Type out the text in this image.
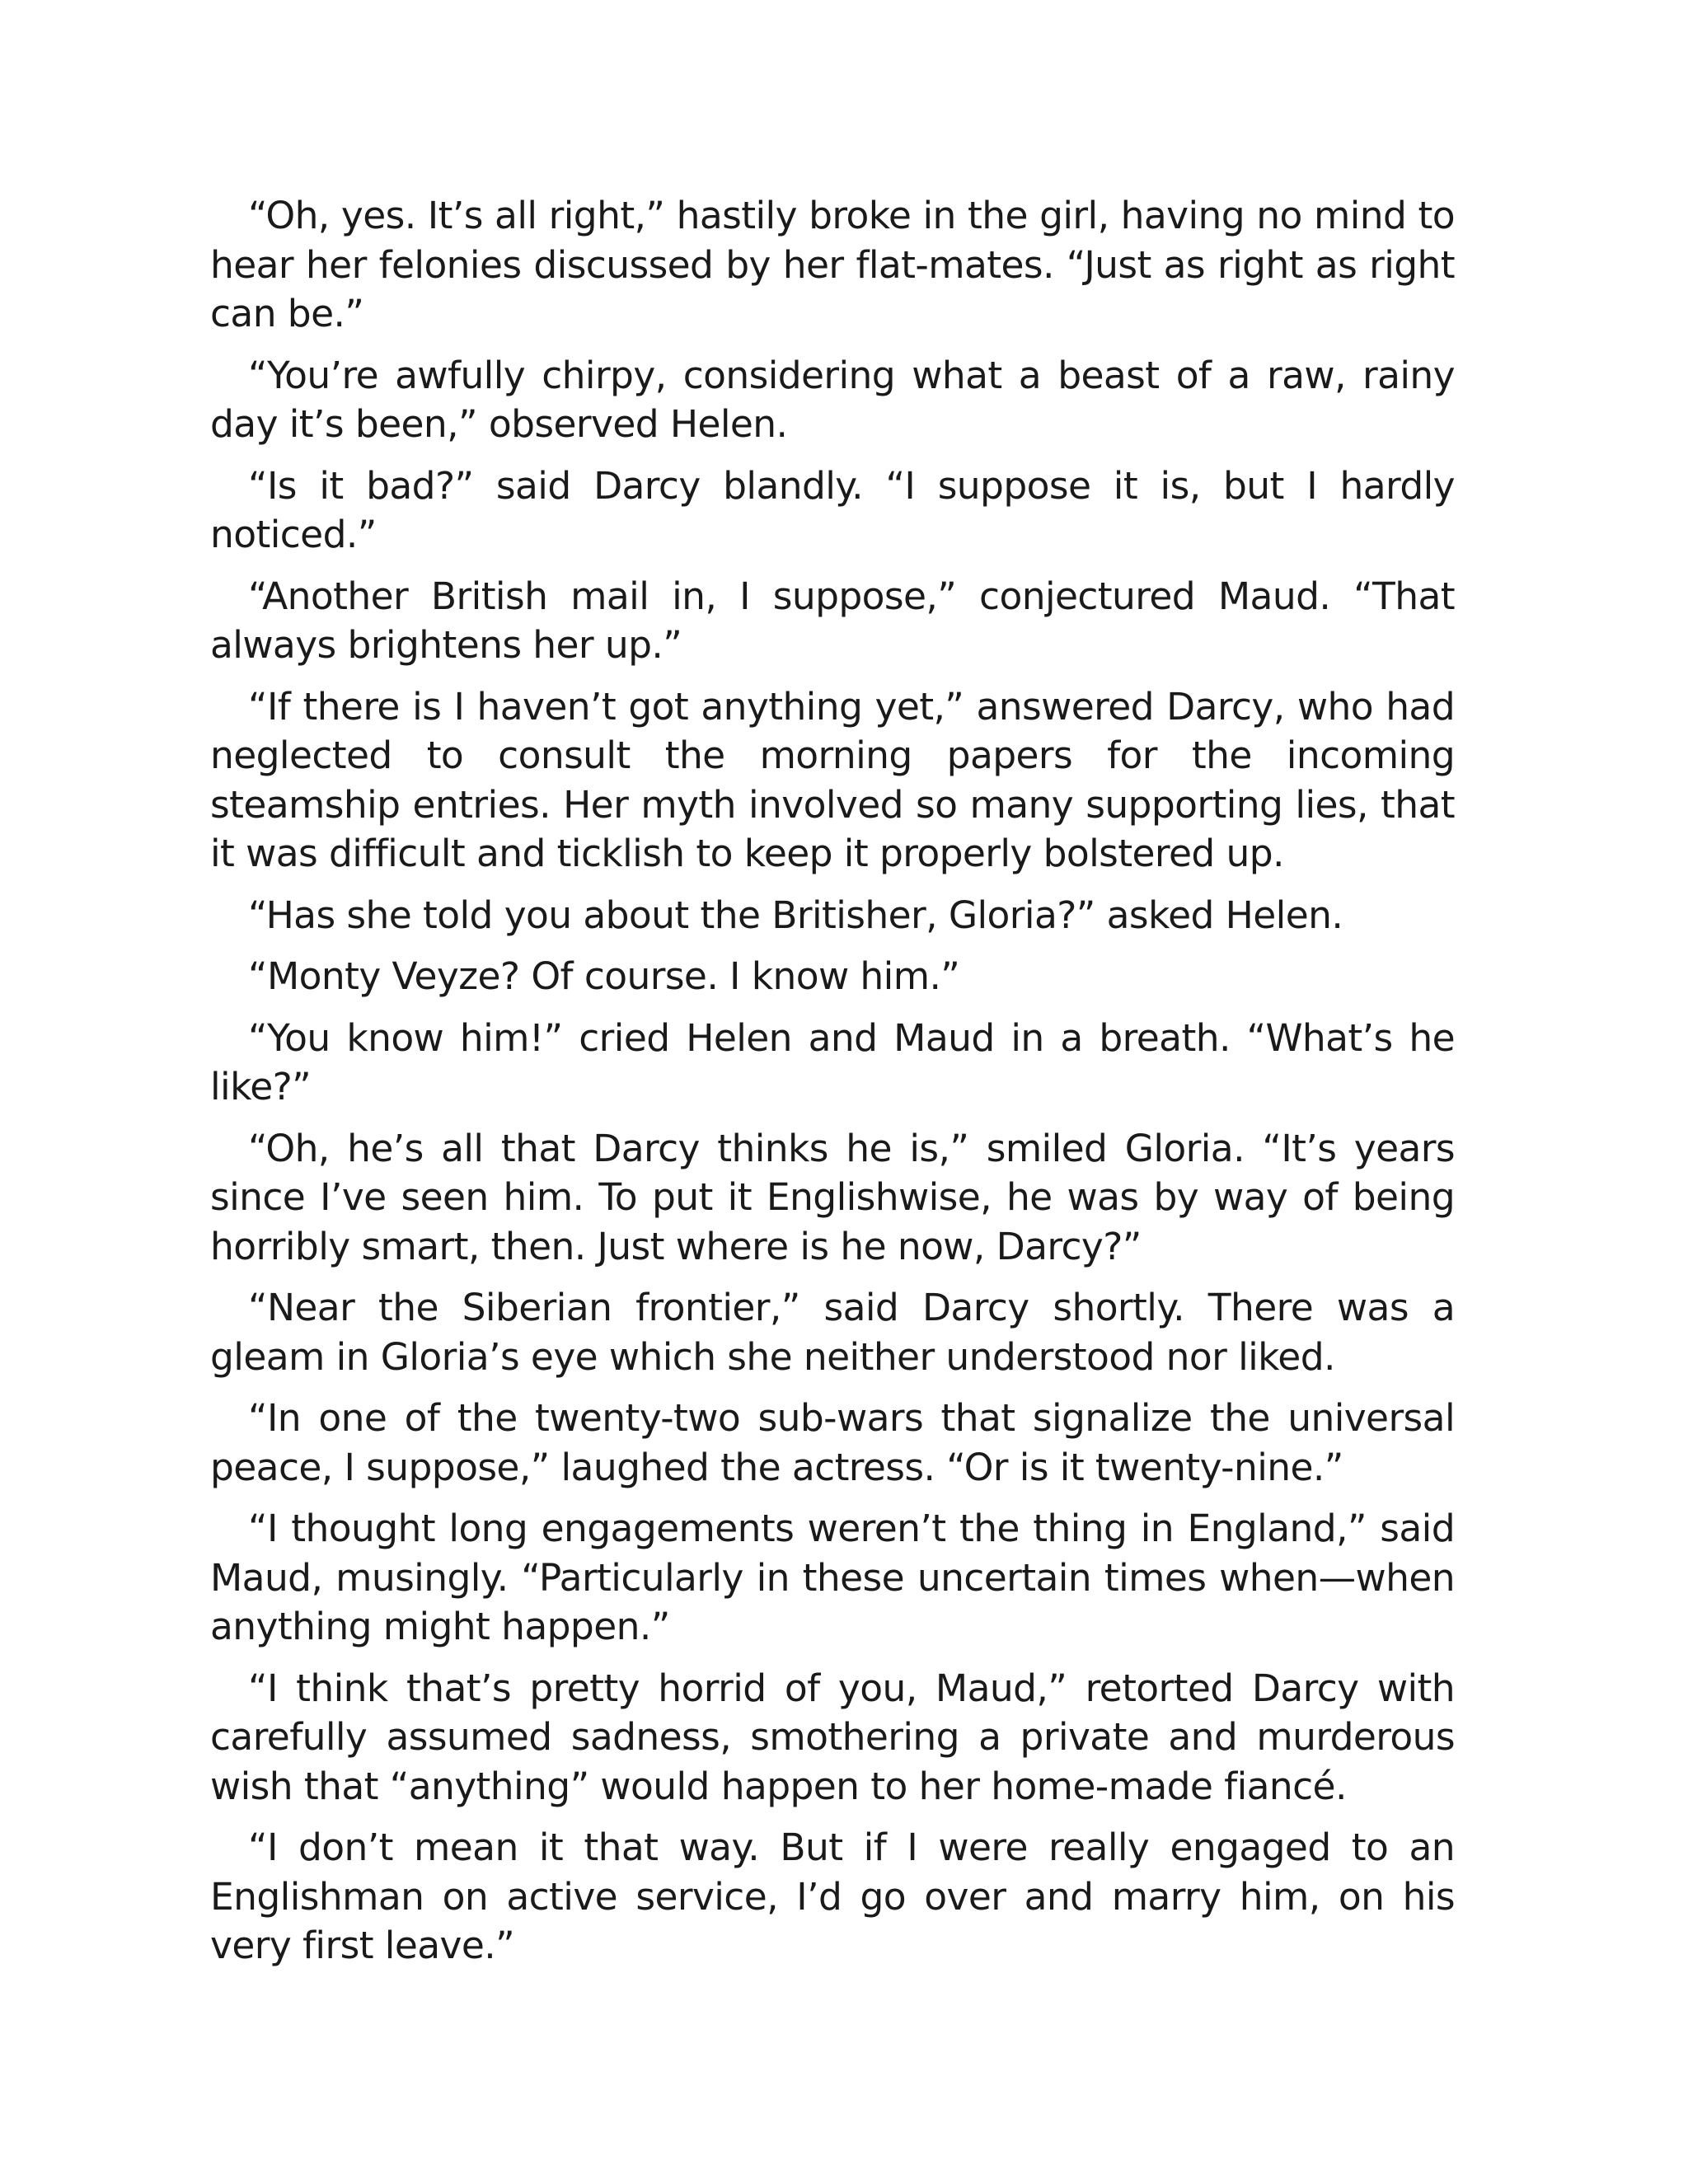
“Oh, yes. It’s all right,” hastily broke in the girl, having no mind to hear her felonies discussed by her flat-mates. “Just as right as right can be.”

“You’re awfully chirpy, considering what a beast of a raw, rainy day it’s been,” observed Helen.

“Is it bad?” said Darcy blandly. “I suppose it is, but I hardly noticed.”

“Another British mail in, I suppose,” conjectured Maud. “That always brightens her up.”

“If there is I haven’t got anything yet,” answered Darcy, who had neglected to consult the morning papers for the incoming steamship entries. Her myth involved so many supporting lies, that it was difficult and ticklish to keep it properly bolstered up.

“Has she told you about the Britisher, Gloria?” asked Helen.

“Monty Veyze? Of course. I know him.”

“You know him!” cried Helen and Maud in a breath. “What’s he like?”

“Oh, he’s all that Darcy thinks he is,” smiled Gloria. “It’s years since I’ve seen him. To put it Englishwise, he was by way of being horribly smart, then. Just where is he now, Darcy?”

“Near the Siberian frontier,” said Darcy shortly. There was a gleam in Gloria’s eye which she neither understood nor liked.

“In one of the twenty-two sub-wars that signalize the universal peace, I suppose,” laughed the actress. “Or is it twenty-nine.”

“I thought long engagements weren’t the thing in England,” said Maud, musingly. “Particularly in these uncertain times when—when anything might happen.”

“I think that’s pretty horrid of you, Maud,” retorted Darcy with carefully assumed sadness, smothering a private and murderous wish that “anything” would happen to her home-made fiancé.

“I don’t mean it that way. But if I were really engaged to an Englishman on active service, I’d go over and marry him, on his very first leave.”
